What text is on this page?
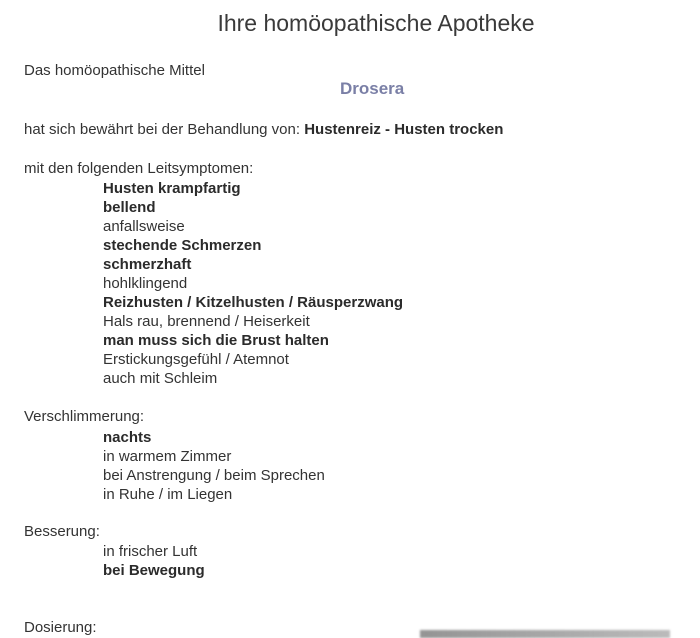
Ihre homöopathische Apotheke
Das homöopathische Mittel
Drosera
hat sich bewährt bei der Behandlung von: Hustenreiz - Husten trocken
mit den folgenden Leitsymptomen:
Husten krampfartig
bellend
anfallsweise
stechende Schmerzen
schmerzhaft
hohlklingend
Reizhusten / Kitzelhusten / Räusperzwang
Hals rau, brennend / Heiserkeit
man muss sich die Brust halten
Erstickungsgefühl / Atemnot
auch mit Schleim
Verschlimmerung:
nachts
in warmem Zimmer
bei Anstrengung / beim Sprechen
in Ruhe / im Liegen
Besserung:
in frischer Luft
bei Bewegung
Dosierung:
